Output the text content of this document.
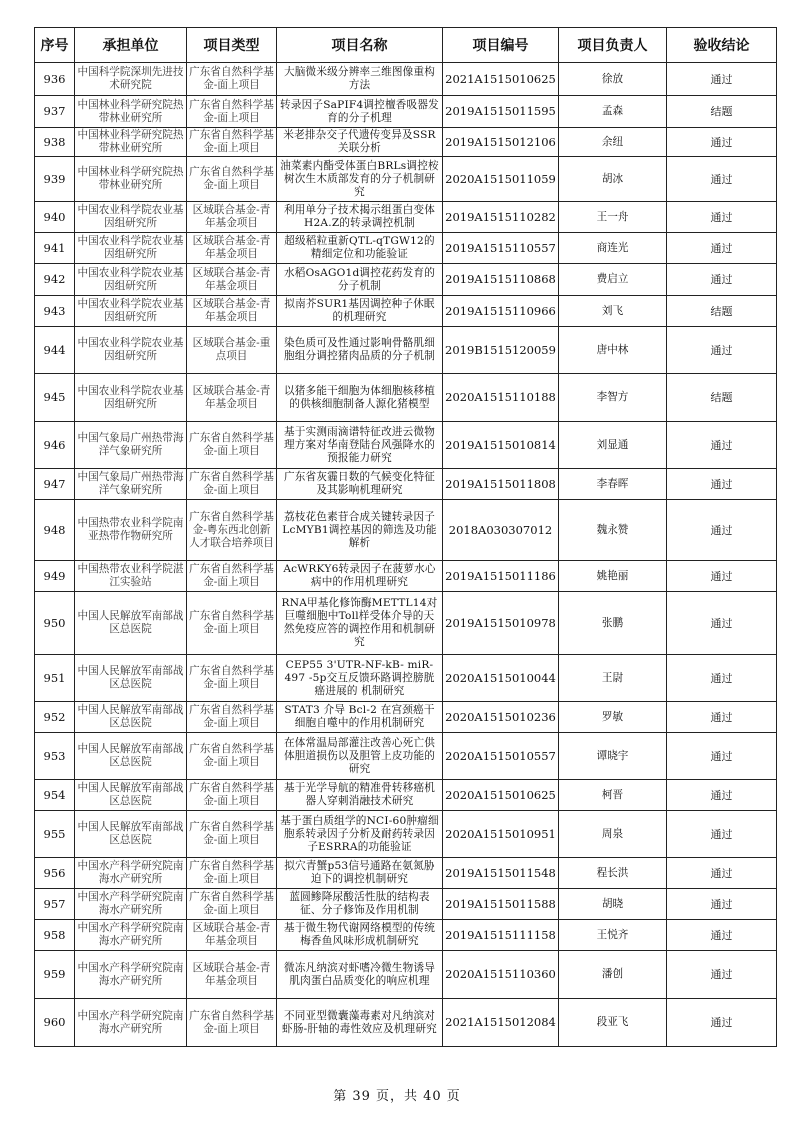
序号	承担单位	项目类型	项目名称	项目编号	项目负责人	验收结论
936	中国科学院深圳先进技术研究院	广东省自然科学基金-面上项目	大脑微米级分辨率三维图像重构方法	2021A1515010625	徐放	通过
937	中国林业科学研究院热带林业研究所	广东省自然科学基金-面上项目	转录因子SaPIF4调控檀香吸器发育的分子机理	2019A1515011595	孟森	结题
938	中国林业科学研究院热带林业研究所	广东省自然科学基金-面上项目	米老排杂交子代遗传变异及SSR关联分析	2019A1515012106	余纽	通过
939	中国林业科学研究院热带林业研究所	广东省自然科学基金-面上项目	油菜素内酯受体蛋白BRLs调控桉树次生木质部发育的分子机制研究	2020A1515011059	胡冰	通过
940	中国农业科学院农业基因组研究所	区域联合基金-青年基金项目	利用单分子技术揭示组蛋白变体H2A.Z的转录调控机制	2019A1515110282	王一舟	通过
941	中国农业科学院农业基因组研究所	区域联合基金-青年基金项目	超级稻粒重新QTL-qTGW12的精细定位和功能验证	2019A1515110557	商连光	通过
942	中国农业科学院农业基因组研究所	区域联合基金-青年基金项目	水稻OsAGO1d调控花药发育的分子机制	2019A1515110868	费启立	通过
943	中国农业科学院农业基因组研究所	区域联合基金-青年基金项目	拟南芥SUR1基因调控种子休眠的机理研究	2019A1515110966	刘飞	结题
944	中国农业科学院农业基因组研究所	区域联合基金-重点项目	染色质可及性通过影响骨骼肌细胞组分调控猪肉品质的分子机制	2019B1515120059	唐中林	通过
945	中国农业科学院农业基因组研究所	区域联合基金-青年基金项目	以猪多能干细胞为体细胞核移植的供核细胞制备人源化猪模型	2020A1515110188	李智方	结题
946	中国气象局广州热带海洋气象研究所	广东省自然科学基金-面上项目	基于实测雨滴谱特征改进云微物理方案对华南登陆台风强降水的预报能力研究	2019A1515010814	刘显通	通过
947	中国气象局广州热带海洋气象研究所	广东省自然科学基金-面上项目	广东省灰霾日数的气候变化特征及其影响机理研究	2019A1515011808	李春晖	通过
948	中国热带农业科学院南亚热带作物研究所	广东省自然科学基金-粤东西北创新人才联合培养项目	荔枝花色素苷合成关键转录因子LcMYB1调控基因的筛选及功能解析	2018A030307012	魏永赞	通过
949	中国热带农业科学院湛江实验站	广东省自然科学基金-面上项目	AcWRKY6转录因子在菠萝水心病中的作用机理研究	2019A1515011186	姚艳丽	通过
950	中国人民解放军南部战区总医院	广东省自然科学基金-面上项目	RNA甲基化修饰酶METTL14对巨噬细胞中Toll样受体介导的天然免疫应答的调控作用和机制研究	2019A1515010978	张鹏	通过
951	中国人民解放军南部战区总医院	广东省自然科学基金-面上项目	CEP55 3'UTR-NF-kB- miR-497 -5p交互反馈环路调控膀胱癌进展的 机制研究	2020A1515010044	王尉	通过
952	中国人民解放军南部战区总医院	广东省自然科学基金-面上项目	STAT3 介导 Bcl-2 在宫颈癌干细胞自噬中的作用机制研究	2020A1515010236	罗敏	通过
953	中国人民解放军南部战区总医院	广东省自然科学基金-面上项目	在体常温局部灌注改善心死亡供体胆道损伤以及胆管上皮功能的研究	2020A1515010557	谭晓宇	通过
954	中国人民解放军南部战区总医院	广东省自然科学基金-面上项目	基于光学导航的精准骨转移癌机器人穿刺消融技术研究	2020A1515010625	柯晋	通过
955	中国人民解放军南部战区总医院	广东省自然科学基金-面上项目	基于蛋白质组学的NCI-60肿瘤细胞系转录因子分析及耐药转录因子ESRRA的功能验证	2020A1515010951	周泉	通过
956	中国水产科学研究院南海水产研究所	广东省自然科学基金-面上项目	拟穴青蟹p53信号通路在氨氮胁迫下的调控机制研究	2019A1515011548	程长洪	通过
957	中国水产科学研究院南海水产研究所	广东省自然科学基金-面上项目	蓝圆鲹降尿酸活性肽的结构表征、分子修饰及作用机制	2019A1515011588	胡晓	通过
958	中国水产科学研究院南海水产研究所	区域联合基金-青年基金项目	基于微生物代谢网络模型的传统梅香鱼风味形成机制研究	2019A1515111158	王悦齐	通过
959	中国水产科学研究院南海水产研究所	区域联合基金-青年基金项目	微冻凡纳滨对虾嗜冷微生物诱导肌肉蛋白品质变化的响应机理	2020A1515110360	潘创	通过
960	中国水产科学研究院南海水产研究所	广东省自然科学基金-面上项目	不同亚型微囊藻毒素对凡纳滨对虾肠-肝轴的毒性效应及机理研究	2021A1515012084	段亚飞	通过
第 39 页，共 40 页
